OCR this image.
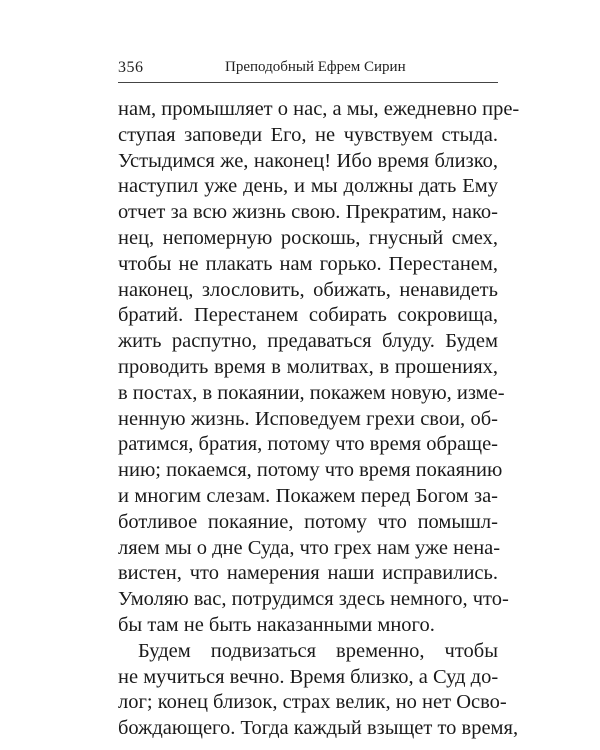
356	Преподобный Ефрем Сирин
нам, промышляет о нас, а мы, ежедневно пре-
ступая заповеди Его, не чувствуем стыда.
Устыдимся же, наконец! Ибо время близко,
наступил уже день, и мы должны дать Ему
отчет за всю жизнь свою. Прекратим, нако-
нец, непомерную роскошь, гнусный смех,
чтобы не плакать нам горько. Перестанем,
наконец, злословить, обижать, ненавидеть
братий. Перестанем собирать сокровища,
жить распутно, предаваться блуду. Будем
проводить время в молитвах, в прошениях,
в постах, в покаянии, покажем новую, изме-
ненную жизнь. Исповедуем грехи свои, об-
ратимся, братия, потому что время обраще-
нию; покаемся, потому что время покаянию
и многим слезам. Покажем перед Богом за-
ботливое покаяние, потому что помышл-
ляем мы о дне Суда, что грех нам уже нена-
вистен, что намерения наши исправились.
Умоляю вас, потрудимся здесь немного, что-
бы там не быть наказанными много.
Будем подвизаться временно, чтобы
не мучиться вечно. Время близко, а Суд до-
лог; конец близок, страх велик, но нет Осво-
бождающего. Тогда каждый взыщет то время,
